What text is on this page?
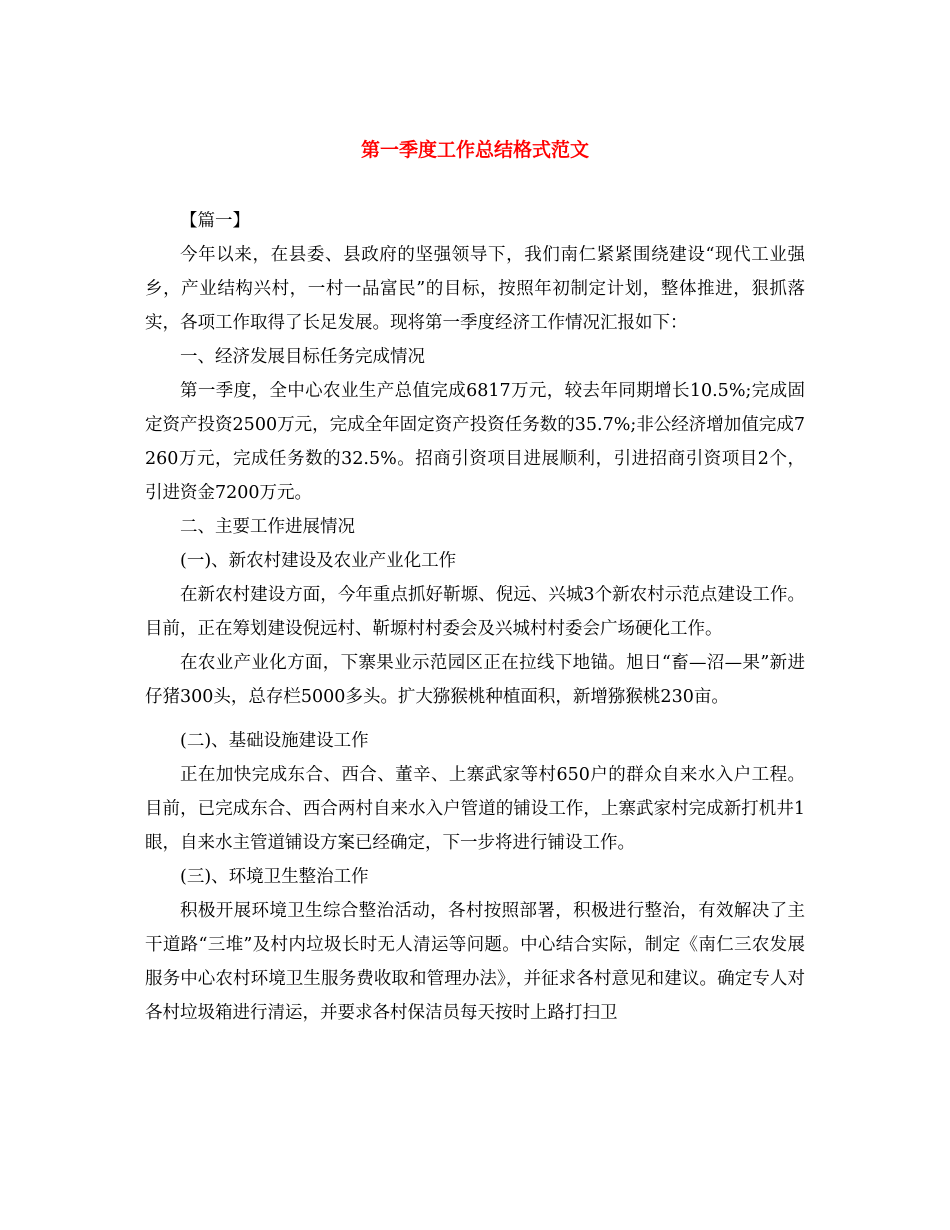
第一季度工作总结格式范文

【篇一】

今年以来，在县委、县政府的坚强领导下，我们南仁紧紧围绕建设“现代工业强乡，产业结构兴村，一村一品富民”的目标，按照年初制定计划，整体推进，狠抓落实，各项工作取得了长足发展。现将第一季度经济工作情况汇报如下：

一、经济发展目标任务完成情况

第一季度，全中心农业生产总值完成6817万元，较去年同期增长10.5%;完成固定资产投资2500万元，完成全年固定资产投资任务数的35.7%;非公经济增加值完成7260万元，完成任务数的32.5%。招商引资项目进展顺利，引进招商引资项目2个，引进资金7200万元。

二、主要工作进展情况

(一)、新农村建设及农业产业化工作

在新农村建设方面，今年重点抓好靳塬、倪远、兴城3个新农村示范点建设工作。目前，正在筹划建设倪远村、靳塬村村委会及兴城村村委会广场硬化工作。

在农业产业化方面，下寨果业示范园区正在拉线下地锚。旭日“畜—沼—果”新进仔猪300头，总存栏5000多头。扩大猕猴桃种植面积，新增猕猴桃230亩。

(二)、基础设施建设工作

正在加快完成东合、西合、董辛、上寨武家等村650户的群众自来水入户工程。目前，已完成东合、西合两村自来水入户管道的铺设工作，上寨武家村完成新打机井1眼，自来水主管道铺设方案已经确定，下一步将进行铺设工作。

(三)、环境卫生整治工作

积极开展环境卫生综合整治活动，各村按照部署，积极进行整治，有效解决了主干道路“三堆”及村内垃圾长时无人清运等问题。中心结合实际，制定《南仁三农发展服务中心农村环境卫生服务费收取和管理办法》，并征求各村意见和建议。确定专人对各村垃圾箱进行清运，并要求各村保洁员每天按时上路打扫卫
